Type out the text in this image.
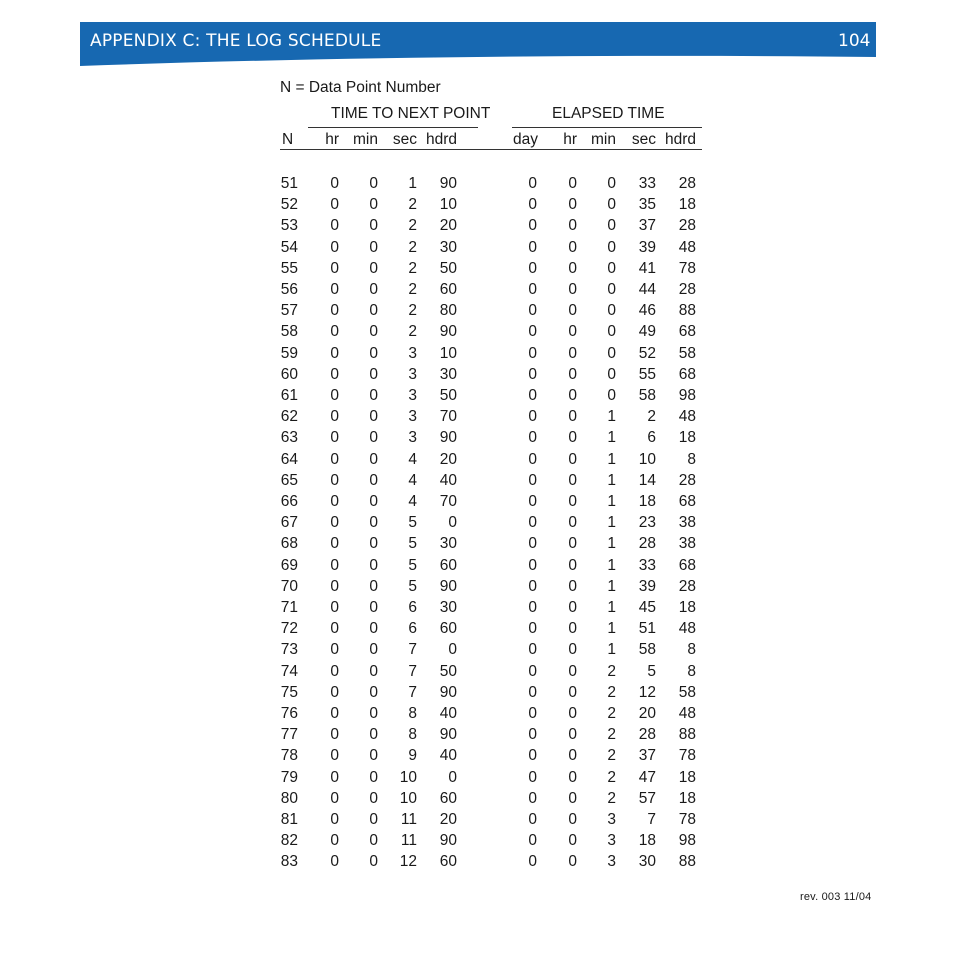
APPENDIX C: THE LOG SCHEDULE	104
N = Data Point Number
TIME TO NEXT POINT	ELAPSED TIME
N	hr min sec hdrd	day	hr min	sec hdrd
51	0	0	1	90	0	0	0	33	28
52	0	0	2	10	0	0	0	35	18
53	0	0	2	20	0	0	0	37	28
54	0	0	2	30	0	0	0	39	48
55	0	0	2	50	0	0	0	41	78
56	0	0	2	60	0	0	0	44	28
57	0	0	2	80	0	0	0	46	88
58	0	0	2	90	0	0	0	49	68
59	0	0	3	10	0	0	0	52	58
60	0	0	3	30	0	0	0	55	68
61	0	0	3	50	0	0	0	58	98
62	0	0	3	70	0	0	1	2	48
63	0	0	3	90	0	0	1	6	18
64	0	0	4	20	0	0	1	10	8
65	0	0	4	40	0	0	1	14	28
66	0	0	4	70	0	0	1	18	68
67	0	0	5	0	0	0	1	23	38
68	0	0	5	30	0	0	1	28	38
69	0	0	5	60	0	0	1	33	68
70	0	0	5	90	0	0	1	39	28
71	0	0	6	30	0	0	1	45	18
72	0	0	6	60	0	0	1	51	48
73	0	0	7	0	0	0	1	58	8
74	0	0	7	50	0	0	2	5	8
75	0	0	7	90	0	0	2	12	58
76	0	0	8	40	0	0	2	20	48
77	0	0	8	90	0	0	2	28	88
78	0	0	9	40	0	0	2	37	78
79	0	0	10	0	0	0	2	47	18
80	0	0	10	60	0	0	2	57	18
81	0	0	11	20	0	0	3	7	78
82	0	0	11	90	0	0	3	18	98
83	0	0	12	60	0	0	3	30	88
rev. 003 11/04
